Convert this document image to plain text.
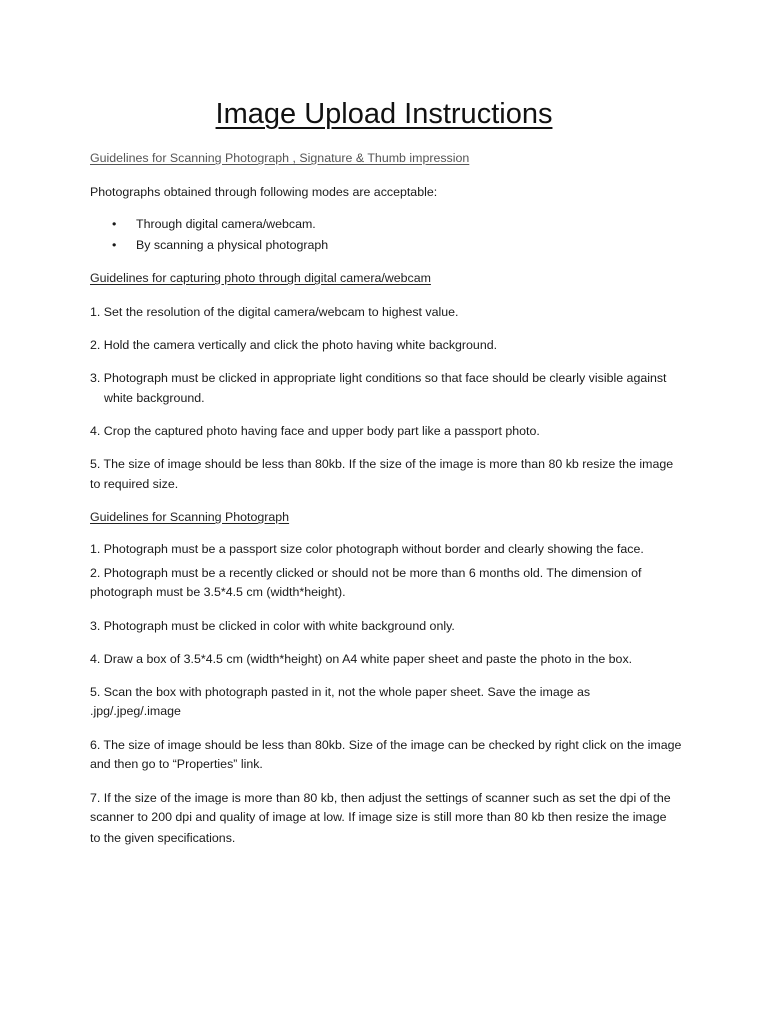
Image Upload Instructions
Guidelines for Scanning Photograph , Signature & Thumb impression
Photographs obtained through following modes are acceptable:
• Through digital camera/webcam.
• By scanning a physical photograph
Guidelines for capturing photo through digital camera/webcam
1. Set the resolution of the digital camera/webcam to highest value.
2. Hold the camera vertically and click the photo having white background.
3. Photograph must be clicked in appropriate light conditions so that face should be clearly visible against
white background.
4. Crop the captured photo having face and upper body part like a passport photo.
5. The size of image should be less than 80kb. If the size of the image is more than 80 kb resize the image
to required size.
Guidelines for Scanning Photograph
1. Photograph must be a passport size color photograph without border and clearly showing the face.
2. Photograph must be a recently clicked or should not be more than 6 months old. The dimension of
photograph must be 3.5*4.5 cm (width*height).
3. Photograph must be clicked in color with white background only.
4. Draw a box of 3.5*4.5 cm (width*height) on A4 white paper sheet and paste the photo in the box.
5. Scan the box with photograph pasted in it, not the whole paper sheet. Save the image as
.jpg/.jpeg/.image
6. The size of image should be less than 80kb. Size of the image can be checked by right click on the image
and then go to “Properties” link.
7. If the size of the image is more than 80 kb, then adjust the settings of scanner such as set the dpi of the
scanner to 200 dpi and quality of image at low. If image size is still more than 80 kb then resize the image
to the given specifications.
